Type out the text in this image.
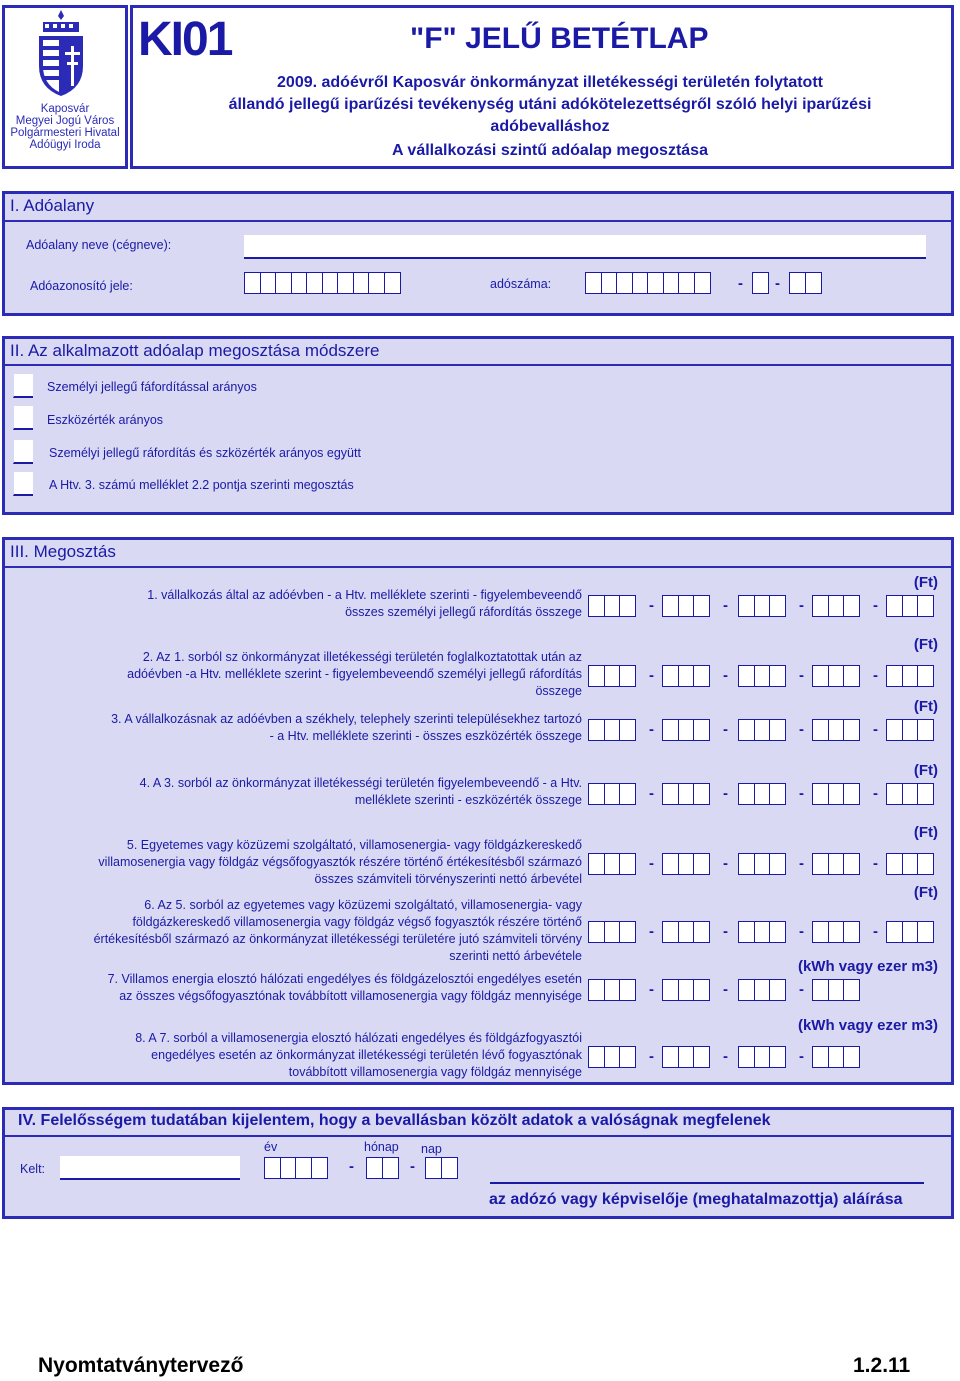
Kaposvár
Megyei Jogú Város
Polgármesteri Hivatal
Adóügyi Iroda
KI01	"F" JELŰ BETÉTLAP
2009. adóévről Kaposvár önkormányzat illetékességi területén folytatott
állandó jellegű iparűzési tevékenység utáni adókötelezettségről szóló helyi iparűzési
adóbevalláshoz
A vállalkozási szintű adóalap megosztása
I. Adóalany
Adóalany neve (cégneve):
Adóazonosító jele:	adószáma:	- -
II. Az alkalmazott adóalap megosztása módszere
Személyi jellegű fáfordítással arányos
Eszközérték arányos
Személyi jellegű ráfordítás és szközérték arányos együtt
A Htv. 3. számú melléklet 2.2 pontja szerinti megosztás
III. Megosztás
1. vállalkozás által az adóévben - a Htv. melléklete szerinti - figyelembeveendő
összes személyi jellegű ráfordítás összege
(Ft)
-	-	-	-
2. Az 1. sorból sz önkormányzat illetékességi területén foglalkoztatottak után az
adóévben -a Htv. melléklete szerint - figyelembeveendő személyi jellegű ráfordítás
összege
(Ft)
-	-	-	-
3. A vállalkozásnak az adóévben a székhely, telephely szerinti településekhez tartozó
- a Htv. melléklete szerinti - összes eszközérték összege
(Ft)
-	-	-	-
4. A 3. sorból az önkormányzat illetékességi területén figyelembeveendő - a Htv.
melléklete szerinti - eszközérték összege
(Ft)
-	-	-	-
5. Egyetemes vagy közüzemi szolgáltató, villamosenergia- vagy földgázkereskedő
villamosenergia vagy földgáz végsőfogyasztók részére történő értékesítésből származó
összes számviteli törvényszerinti nettó árbevétel
(Ft)
-	-	-	-
6. Az 5. sorból az egyetemes vagy közüzemi szolgáltató, villamosenergia- vagy
földgázkereskedő villamosenergia vagy földgáz végső fogyasztók részére történő
értékesítésből származó az önkormányzat illetékességi területére jutó számviteli törvény
szerinti nettó árbevétele
(Ft)
-	-	-	-
7. Villamos energia elosztó hálózati engedélyes és földgázelosztói engedélyes esetén
az összes végsőfogyasztónak továbbított villamosenergia vagy földgáz mennyisége
(kWh vagy ezer m3)
-	-	-
8. A 7. sorból a villamosenergia elosztó hálózati engedélyes és földgázfogyasztói
engedélyes esetén az önkormányzat illetékességi területén lévő fogyasztónak
továbbított villamosenergia vagy földgáz mennyisége
(kWh vagy ezer m3)
-	-	-
IV. Felelősségem tudatában kijelentem, hogy a bevallásban közölt adatok a valóságnak megfelenek
Kelt:
év	hónap nap
-	-
az adózó vagy képviselője (meghatalmazottja) aláírása
Nyomtatványtervező	1.2.11
